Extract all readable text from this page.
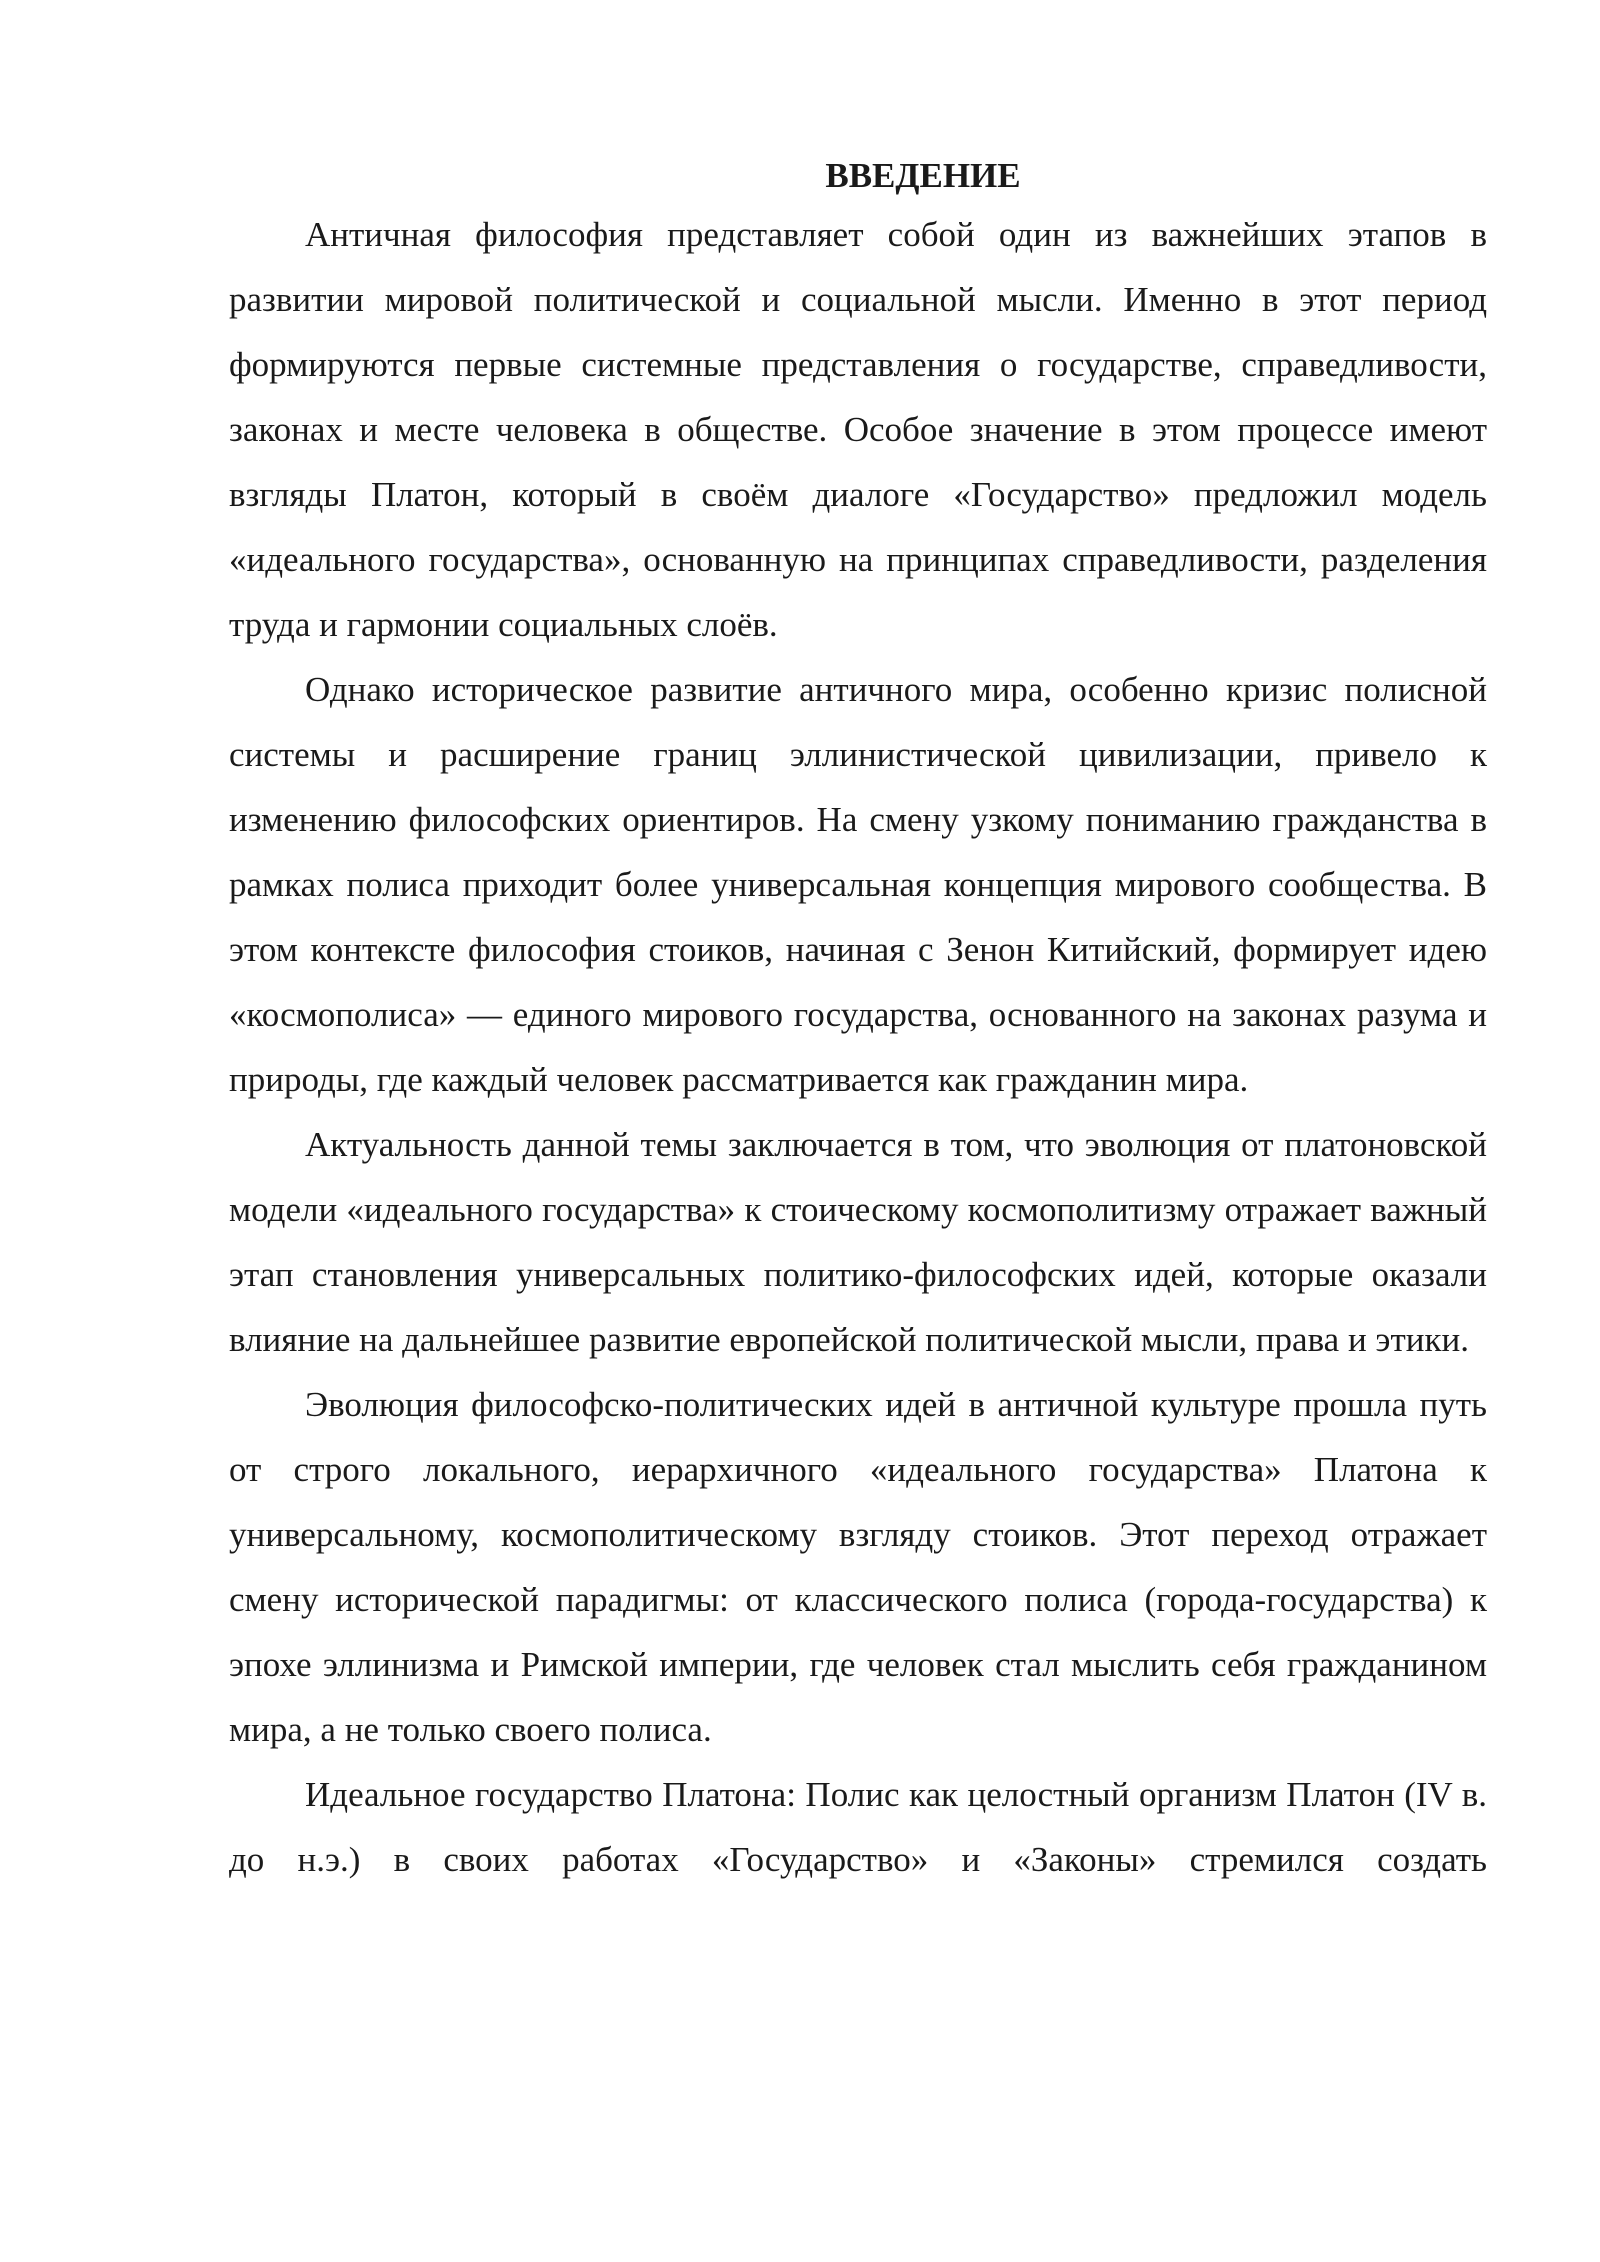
ВВЕДЕНИЕ

Античная философия представляет собой один из важнейших этапов в развитии мировой политической и социальной мысли. Именно в этот период формируются первые системные представления о государстве, справедливости, законах и месте человека в обществе. Особое значение в этом процессе имеют взгляды Платон, который в своём диалоге «Государство» предложил модель «идеального государства», основанную на принципах справедливости, разделения труда и гармонии социальных слоёв.

Однако историческое развитие античного мира, особенно кризис полисной системы и расширение границ эллинистической цивилизации, привело к изменению философских ориентиров. На смену узкому пониманию гражданства в рамках полиса приходит более универсальная концепция мирового сообщества. В этом контексте философия стоиков, начиная с Зенон Китийский, формирует идею «космополиса» — единого мирового государства, основанного на законах разума и природы, где каждый человек рассматривается как гражданин мира.

Актуальность данной темы заключается в том, что эволюция от платоновской модели «идеального государства» к стоическому космополитизму отражает важный этап становления универсальных политико-философских идей, которые оказали влияние на дальнейшее развитие европейской политической мысли, права и этики.

Эволюция философско-политических идей в античной культуре прошла путь от строго локального, иерархичного «идеального государства» Платона к универсальному, космополитическому взгляду стоиков. Этот переход отражает смену исторической парадигмы: от классического полиса (города-государства) к эпохе эллинизма и Римской империи, где человек стал мыслить себя гражданином мира, а не только своего полиса.

Идеальное государство Платона: Полис как целостный организм Платон (IV в. до н.э.) в своих работах «Государство» и «Законы» стремился создать
